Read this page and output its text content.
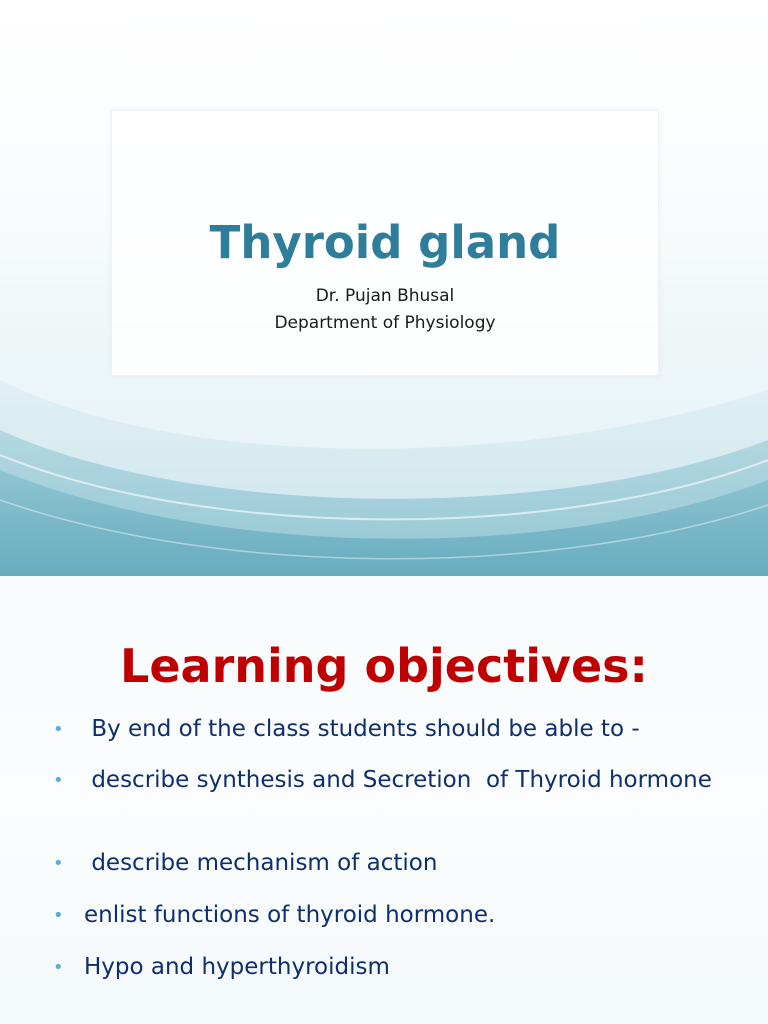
Thyroid gland
Dr. Pujan Bhusal
Department of Physiology
Learning objectives:
• By end of the class students should be able to -
• describe synthesis and Secretion  of Thyroid hormone
• describe mechanism of action
• enlist functions of thyroid hormone.
• Hypo and hyperthyroidism
